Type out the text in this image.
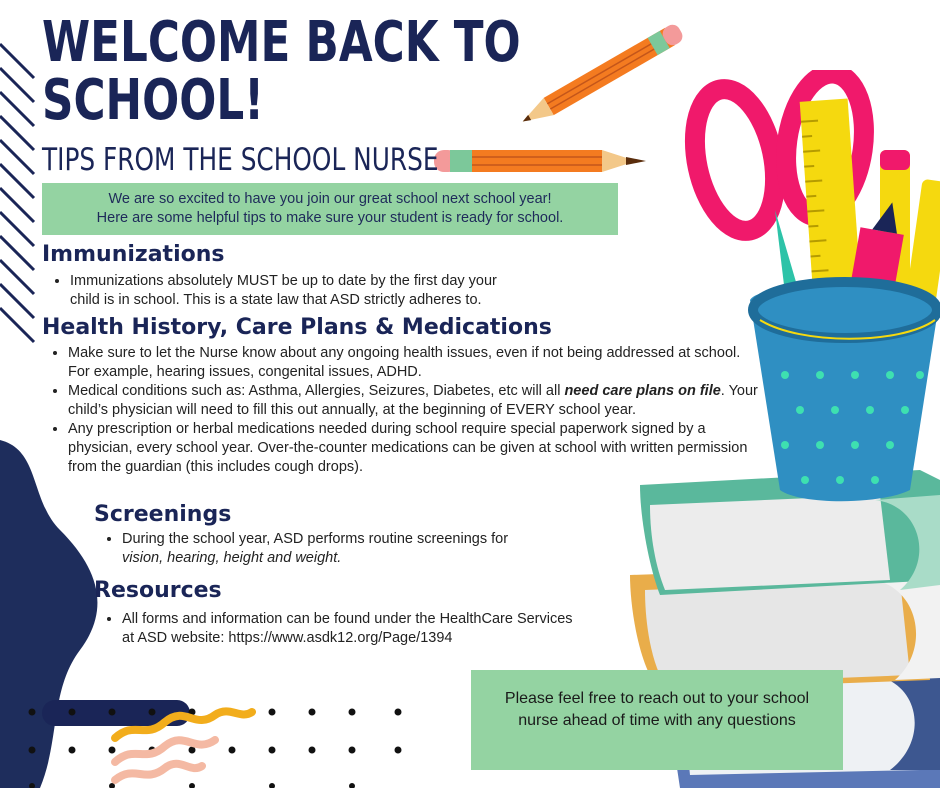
WELCOME BACK TO
SCHOOL!
TIPS FROM THE SCHOOL NURSE
We are so excited to have you join our great school next school year!
Here are some helpful tips to make sure your student is ready for school.
Immunizations
• Immunizations absolutely MUST be up to date by the first day your
child is in school. This is a state law that ASD strictly adheres to.
Health History, Care Plans & Medications
• Make sure to let the Nurse know about any ongoing health issues, even if not being addressed at school. For example, hearing issues, congenital issues, ADHD.
• Medical conditions such as: Asthma, Allergies, Seizures, Diabetes, etc will all need care plans on file. Your child’s physician will need to fill this out annually, at the beginning of EVERY school year.
• Any prescription or herbal medications needed during school require special paperwork signed by a physician, every school year. Over-the-counter medications can be given at school with written permission from the guardian (this includes cough drops).
Screenings
• During the school year, ASD performs routine screenings for
vision, hearing, height and weight.
Resources
• All forms and information can be found under the HealthCare Services
at ASD website: https://www.asdk12.org/Page/1394
Please feel free to reach out to your school
nurse ahead of time with any questions
